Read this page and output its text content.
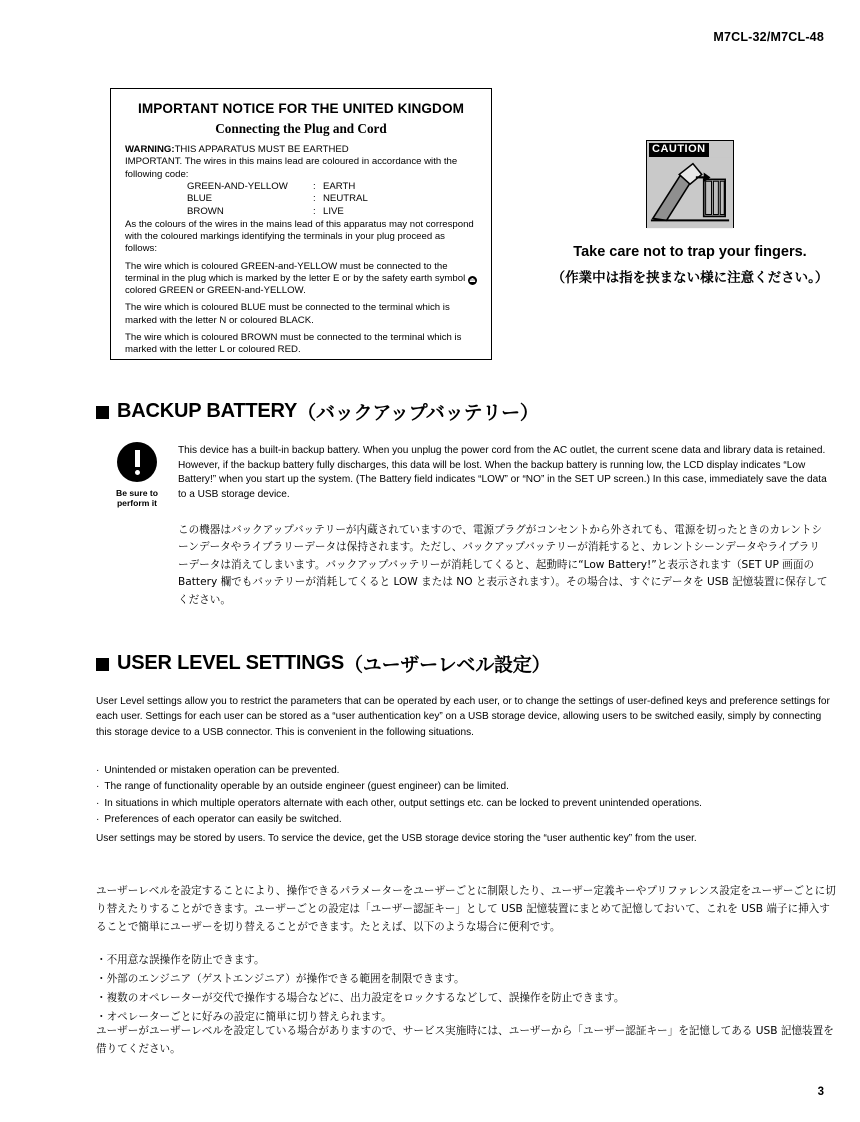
M7CL-32/M7CL-48
IMPORTANT NOTICE FOR THE UNITED KINGDOM
Connecting the Plug and Cord

WARNING:THIS APPARATUS MUST BE EARTHED

IMPORTANT. The wires in this mains lead are coloured in accordance with the following code:

GREEN-AND-YELLOW	: EARTH
BLUE	: NEUTRAL
BROWN	: LIVE

As the colours of the wires in the mains lead of this apparatus may not correspond with the coloured markings identifying the terminals in your plug proceed as follows:

The wire which is coloured GREEN-and-YELLOW must be connected to the terminal in the plug which is marked by the letter E or by the safety earth symbol ⏏colored GREEN or GREEN-and-YELLOW.

The wire which is coloured BLUE must be connected to the terminal which is marked with the letter N or coloured BLACK.

The wire which is coloured BROWN must be connected to the terminal which is marked with the letter L or coloured RED.

CAUTION
Take care not to trap your fingers.
（作業中は指を挟まない様に注意ください。）
BACKUP BATTERY （バックアップバッテリー）
Be sure to
perform it
This device has a built-in backup battery. When you unplug the power cord from the AC outlet, the current scene data and library data is retained. However, if the backup battery fully discharges, this data will be lost. When the backup battery is running low, the LCD display indicates “Low Battery!” when you start up the system. (The Battery field indicates “LOW” or “NO” in the SET UP screen.) In this case, immediately save the data to a USB storage device.
この機器はバックアップバッテリーが内蔵されていますので、電源プラグがコンセントから外されても、電源を切ったときのカレントシーンデータやライブラリーデータは保持されます。ただし、バックアップバッテリーが消耗すると、カレントシーンデータやライブラリーデータは消えてしまいます。バックアップバッテリーが消耗してくると、起動時に“Low Battery!”と表示されます（SET UP 画面の Battery 欄でもバッテリーが消耗してくると LOW または NO と表示されます）。その場合は、すぐにデータを USB 記憶装置に保存してください。
USER LEVEL SETTINGS （ユーザーレベル設定）
User Level settings allow you to restrict the parameters that can be operated by each user, or to change the settings of user-defined keys and preference settings for each user. Settings for each user can be stored as a “user authentication key” on a USB storage device, allowing users to be switched easily, simply by connecting this storage device to a USB connector. This is convenient in the following situations.
· Unintended or mistaken operation can be prevented.
· The range of functionality operable by an outside engineer (guest engineer) can be limited.
· In situations in which multiple operators alternate with each other, output settings etc. can be locked to prevent unintended operations.
· Preferences of each operator can easily be switched.
User settings may be stored by users. To service the device, get the USB storage device storing the “user authentic key” from the user.
ユーザーレベルを設定することにより、操作できるパラメーターをユーザーごとに制限したり、ユーザー定義キーやプリファレンス設定をユーザーごとに切り替えたりすることができます。ユーザーごとの設定は「ユーザー認証キー」として USB 記憶装置にまとめて記憶しておいて、これを USB 端子に挿入することで簡単にユーザーを切り替えることができます。たとえば、以下のような場合に便利です。
・不用意な誤操作を防止できます。
・外部のエンジニア（ゲストエンジニア）が操作できる範囲を制限できます。
・複数のオペレーターが交代で操作する場合などに、出力設定をロックするなどして、誤操作を防止できます。
・オペレーターごとに好みの設定に簡単に切り替えられます。
ユーザーがユーザーレベルを設定している場合がありますので、サービス実施時には、ユーザーから「ユーザー認証キー」を記憶してある USB 記憶装置を借りてください。
3
